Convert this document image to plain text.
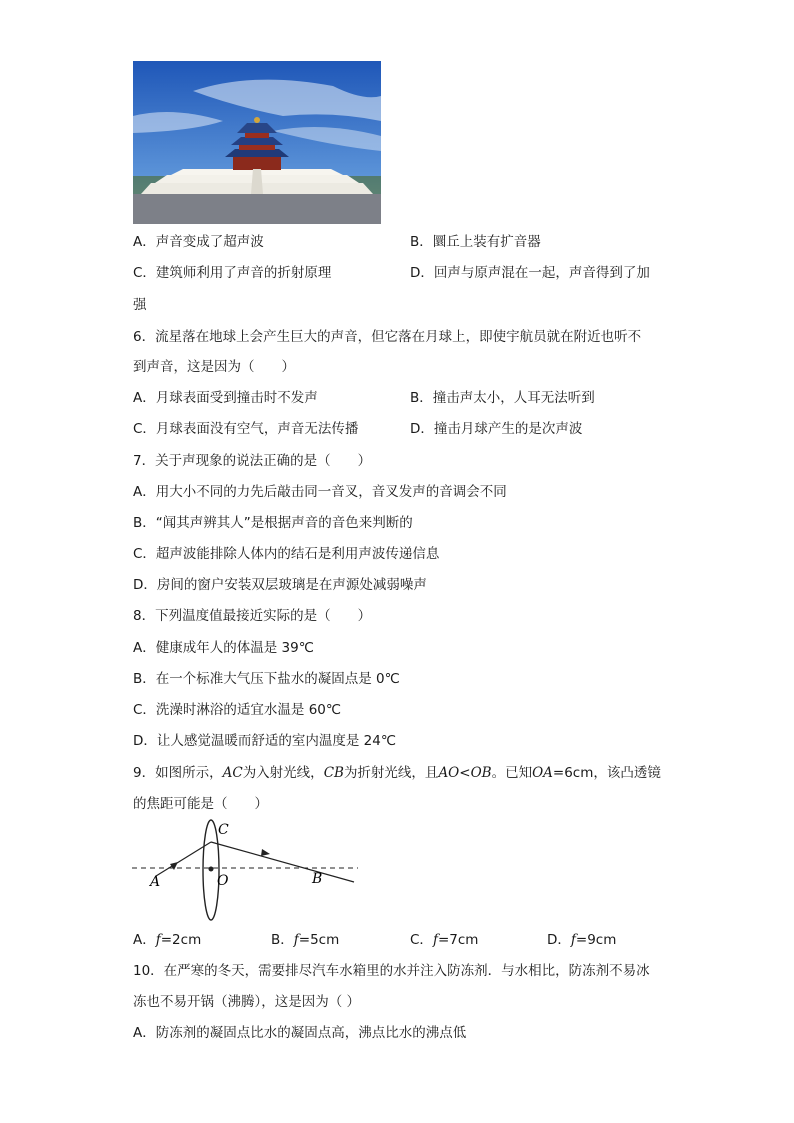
A．声音变成了超声波	B．圜丘上装有扩音器
C．建筑师利用了声音的折射原理	D．回声与原声混在一起，声音得到了加
强
6．流星落在地球上会产生巨大的声音，但它落在月球上，即使宇航员就在附近也听不
到声音，这是因为（　　）
A．月球表面受到撞击时不发声	B．撞击声太小，人耳无法听到
C．月球表面没有空气，声音无法传播	D．撞击月球产生的是次声波
7．关于声现象的说法正确的是（　　）
A．用大小不同的力先后敲击同一音叉，音叉发声的音调会不同
B．“闻其声辨其人”是根据声音的音色来判断的
C．超声波能排除人体内的结石是利用声波传递信息
D．房间的窗户安装双层玻璃是在声源处减弱噪声
8．下列温度值最接近实际的是（　　）
A．健康成年人的体温是 39℃
B．在一个标准大气压下盐水的凝固点是 0℃
C．洗澡时淋浴的适宜水温是 60℃
D．让人感觉温暖而舒适的室内温度是 24℃
9．如图所示，AC为入射光线，CB为折射光线，且AO<OB。已知OA=6cm，该凸透镜
的焦距可能是（　　）
C
A	O	B
A．f=2cm	B．f=5cm	C．f=7cm	D．f=9cm
10．在严寒的冬天，需要排尽汽车水箱里的水并注入防冻剂．与水相比，防冻剂不易冰
冻也不易开锅（沸腾），这是因为（ ）
A．防冻剂的凝固点比水的凝固点高，沸点比水的沸点低
